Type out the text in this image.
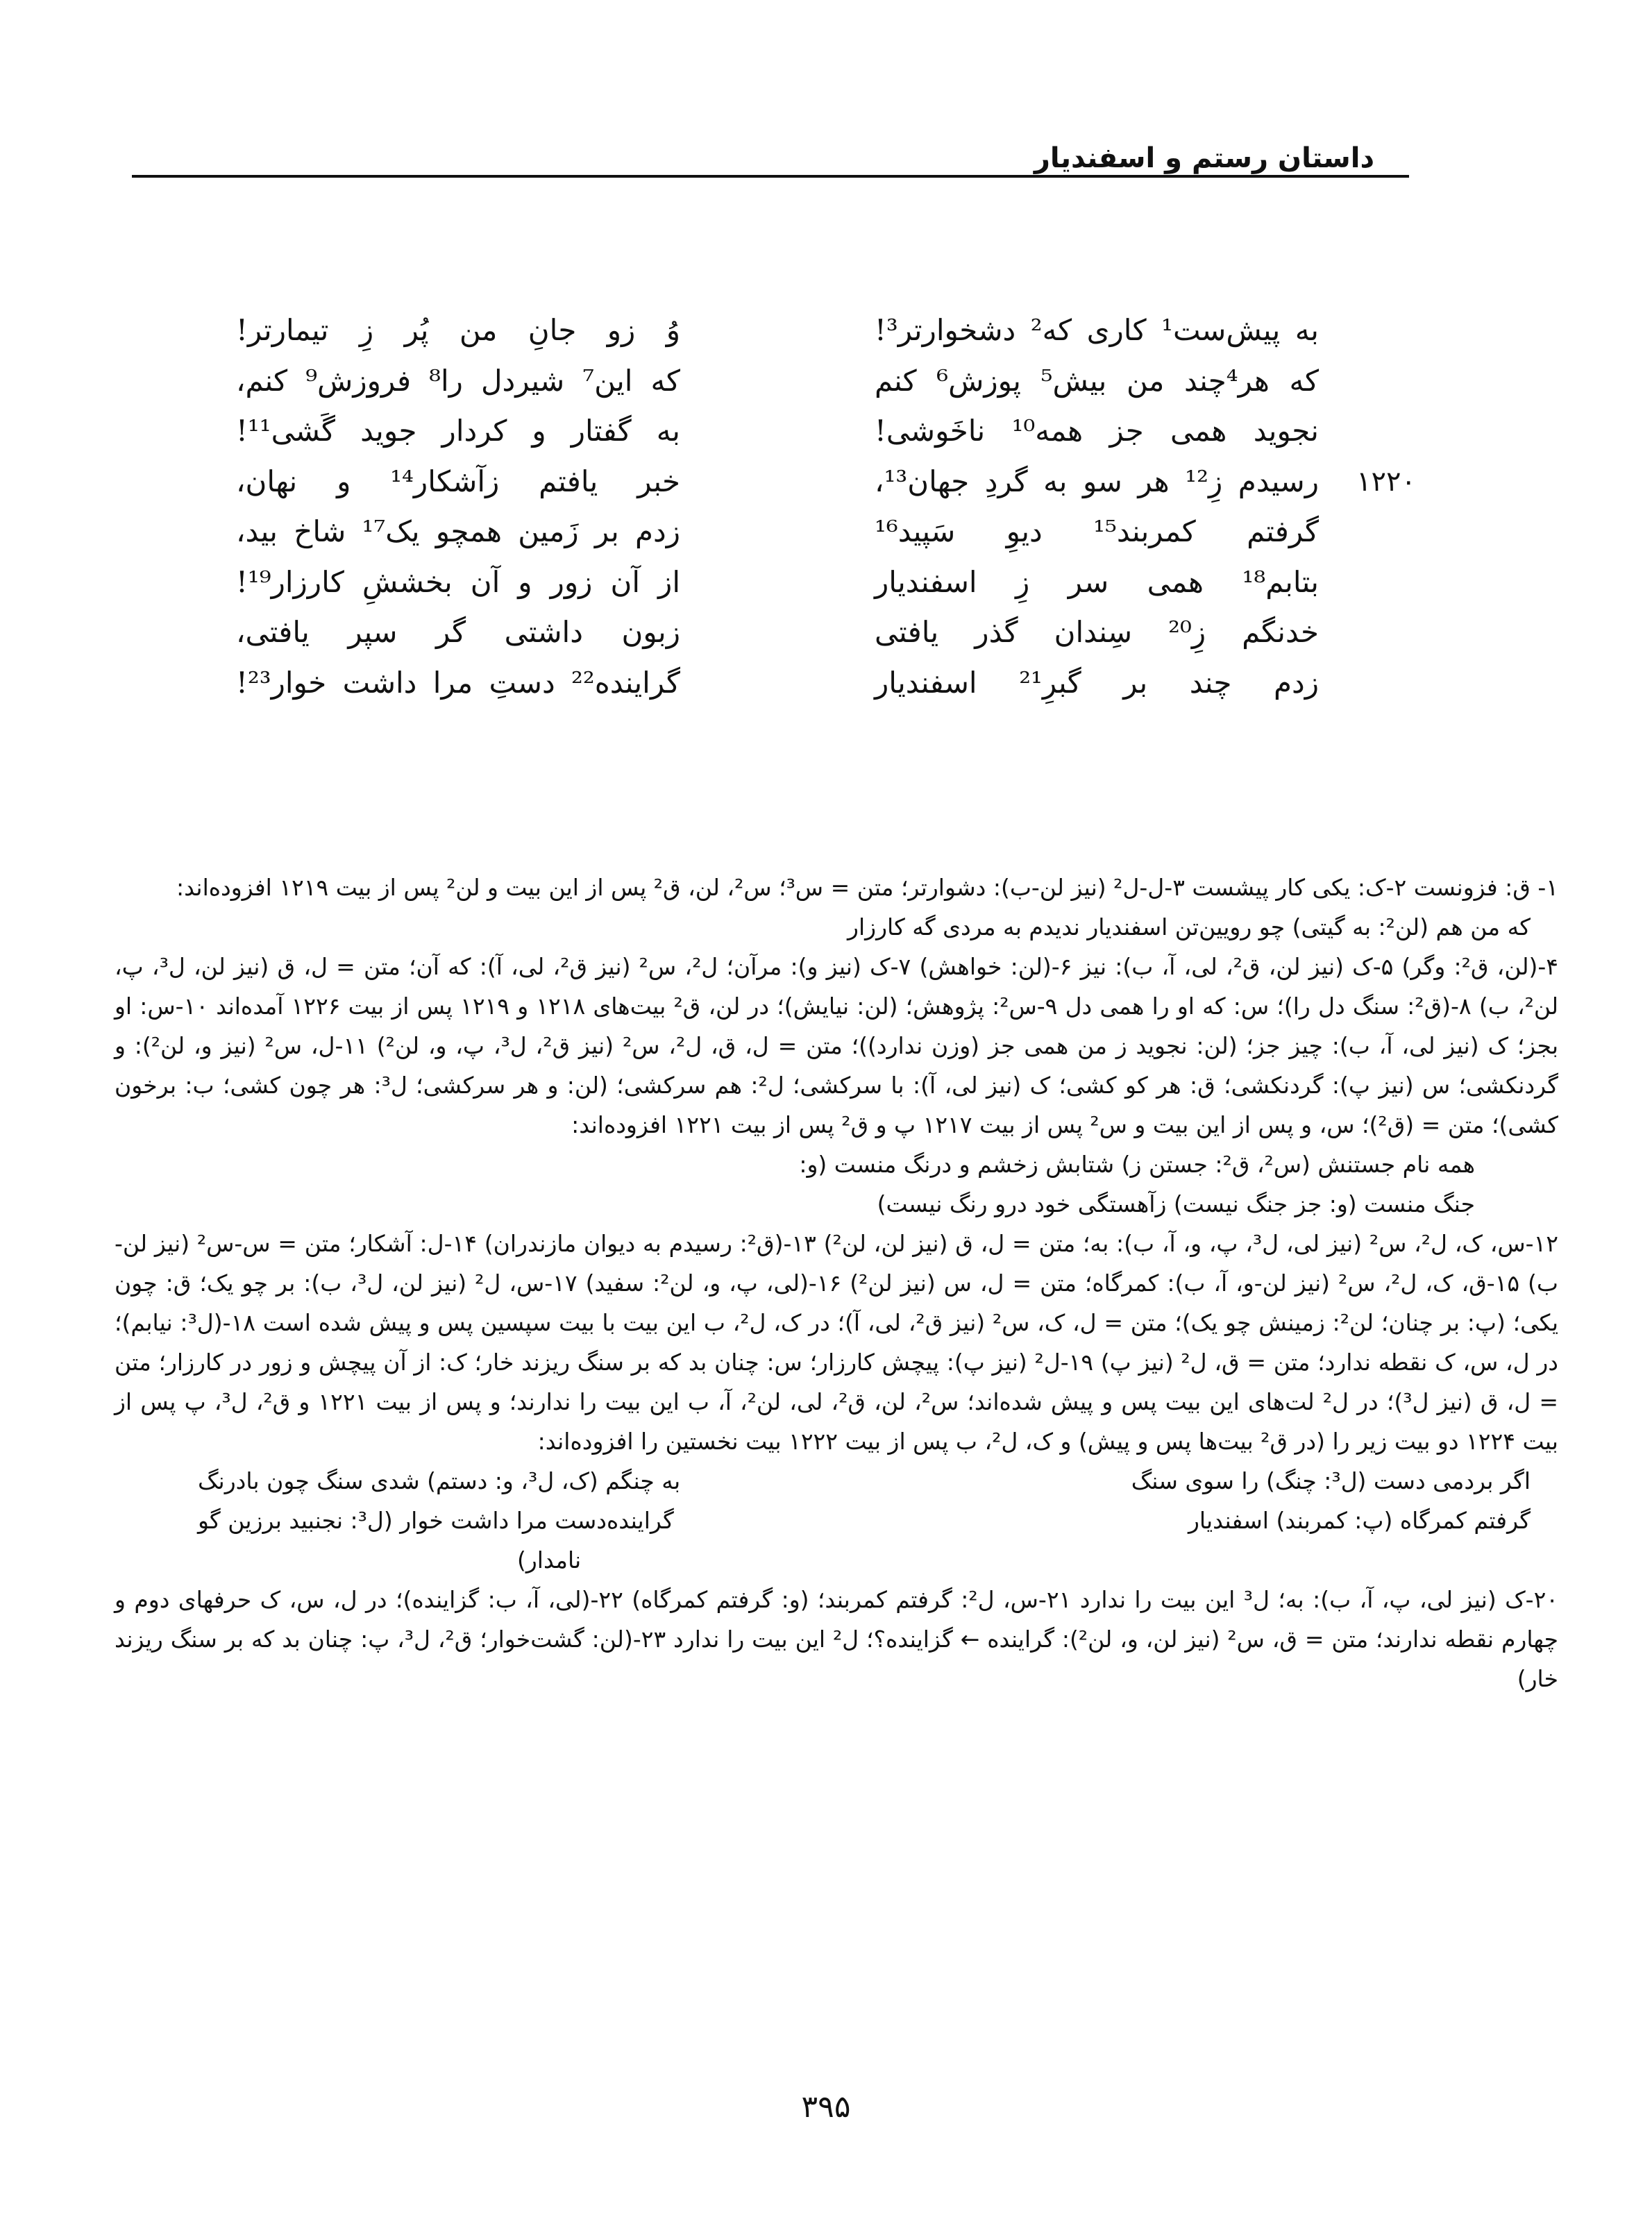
داستان رستم و اسفندیار
به پیش‌ست¹ کاری که² دشخوارتر³!
که هر⁴چند من بیش⁵ پوزش⁶ کنم
نجوید همی جز همه¹⁰ ناخَوشی!
۱۲۲۰
رسیدم زِ¹² هر سو به گردِ جهان¹³،
گرفتم کمربند¹⁵ دیوِ سَپید¹⁶
بتابم¹⁸ همی سر زِ اسفندیار
خدنگم زِ²⁰ سِندان گذر یافتی
زدم چند بر گبرِ²¹ اسفندیار
وُ زو جانِ من پُر زِ تیمارتر!
که این⁷ شیردل را⁸ فروزش⁹ کنم،
به گفتار و کردار جوید گَشی¹¹!
خبر یافتم زآشکار¹⁴ و نهان،
زدم بر زَمین همچو یک¹⁷ شاخ بید،
از آن زور و آن بخششِ کارزار¹⁹!
زبون داشتی گر سپر یافتی،
گراینده²² دستِ مرا داشت خوار²³!

۱- ق: فزونست ۲-ک: یکی کار پیشست ۳-ل-ل² (نیز لن-ب): دشوارتر؛ متن = س³؛ س²، لن، ق² پس از این بیت و لن² پس از بیت ۱۲۱۹ افزوده‌اند:

که من هم (لن²: به گیتی) چو رویین‌تن اسفندیار ندیدم به مردی گه کارزار

۴-(لن، ق²: وگر) ۵-ک (نیز لن، ق²، لی، آ، ب): نیز ۶-(لن: خواهش) ۷-ک (نیز و): مرآن؛ ل²، س² (نیز ق²، لی، آ): که آن؛ متن = ل، ق (نیز لن، ل³، پ، لن²، ب) ۸-(ق²: سنگ دل را)؛ س: که او را همی دل ۹-س²: پژوهش؛ (لن: نیایش)؛ در لن، ق² بیت‌های ۱۲۱۸ و ۱۲۱۹ پس از بیت ۱۲۲۶ آمده‌اند ۱۰-س: او بجز؛ ک (نیز لی، آ، ب): چیز جز؛ (لن: نجوید ز من همی جز (وزن ندارد))؛ متن = ل، ق، ل²، س² (نیز ق²، ل³، پ، و، لن²) ۱۱-ل، س² (نیز و، لن²): و گردنکشی؛ س (نیز پ): گردنکشی؛ ق: هر کو کشی؛ ک (نیز لی، آ): با سرکشی؛ ل²: هم سرکشی؛ (لن: و هر سرکشی؛ ل³: هر چون کشی؛ ب: برخون کشی)؛ متن = (ق²)؛ س، و پس از این بیت و س² پس از بیت ۱۲۱۷ پ و ق² پس از بیت ۱۲۲۱ افزوده‌اند:

همه نام جستنش (س²، ق²: جستن ز) شتابش زخشم و درنگ منست (و:

جنگ منست (و: جز جنگ نیست) زآهستگی خود درو رنگ نیست)

۱۲-س، ک، ل²، س² (نیز لی، ل³، پ، و، آ، ب): به؛ متن = ل، ق (نیز لن، لن²) ۱۳-(ق²: رسیدم به دیوان مازندران) ۱۴-ل: آشکار؛ متن = س-س² (نیز لن-ب) ۱۵-ق، ک، ل²، س² (نیز لن-و، آ، ب): کمرگاه؛ متن = ل، س (نیز لن²) ۱۶-(لی، پ، و، لن²: سفید) ۱۷-س، ل² (نیز لن، ل³، ب): بر چو یک؛ ق: چون یکی؛ (پ: بر چنان؛ لن²: زمینش چو یک)؛ متن = ل، ک، س² (نیز ق²، لی، آ)؛ در ک، ل²، ب این بیت با بیت سپسین پس و پیش شده است ۱۸-(ل³: نیابم)؛ در ل، س، ک نقطه ندارد؛ متن = ق، ل² (نیز پ) ۱۹-ل² (نیز پ): پیچش کارزار؛ س: چنان بد که بر سنگ ریزند خار؛ ک: از آن پیچش و زور در کارزار؛ متن = ل، ق (نیز ل³)؛ در ل² لت‌های این بیت پس و پیش شده‌اند؛ س²، لن، ق²، لی، لن²، آ، ب این بیت را ندارند؛ و پس از بیت ۱۲۲۱ و ق²، ل³، پ پس از بیت ۱۲۲۴ دو بیت زیر را (در ق² بیت‌ها پس و پیش) و ک، ل²، ب پس از بیت ۱۲۲۲ بیت نخستین را افزوده‌اند:

اگر بردمی دست (ل³: چنگ) را سوی سنگ
به چنگم (ک، ل³، و: دستم) شدی سنگ چون بادرنگ
گرفتم کمرگاه (پ: کمربند) اسفندیار
گراینده‌دست مرا داشت خوار (ل³: نجنبید برزین گو
نامدار)

۲۰-ک (نیز لی، پ، آ، ب): به؛ ل³ این بیت را ندارد ۲۱-س، ل²: گرفتم کمربند؛ (و: گرفتم کمرگاه) ۲۲-(لی، آ، ب: گزاینده)؛ در ل، س، ک حرفهای دوم و چهارم نقطه ندارند؛ متن = ق، س² (نیز لن، و، لن²): گراینده ← گزاینده؟؛ ل² این بیت را ندارد ۲۳-(لن: گشت‌خوار؛ ق²، ل³، پ: چنان بد که بر سنگ ریزند خار)

۳۹۵
